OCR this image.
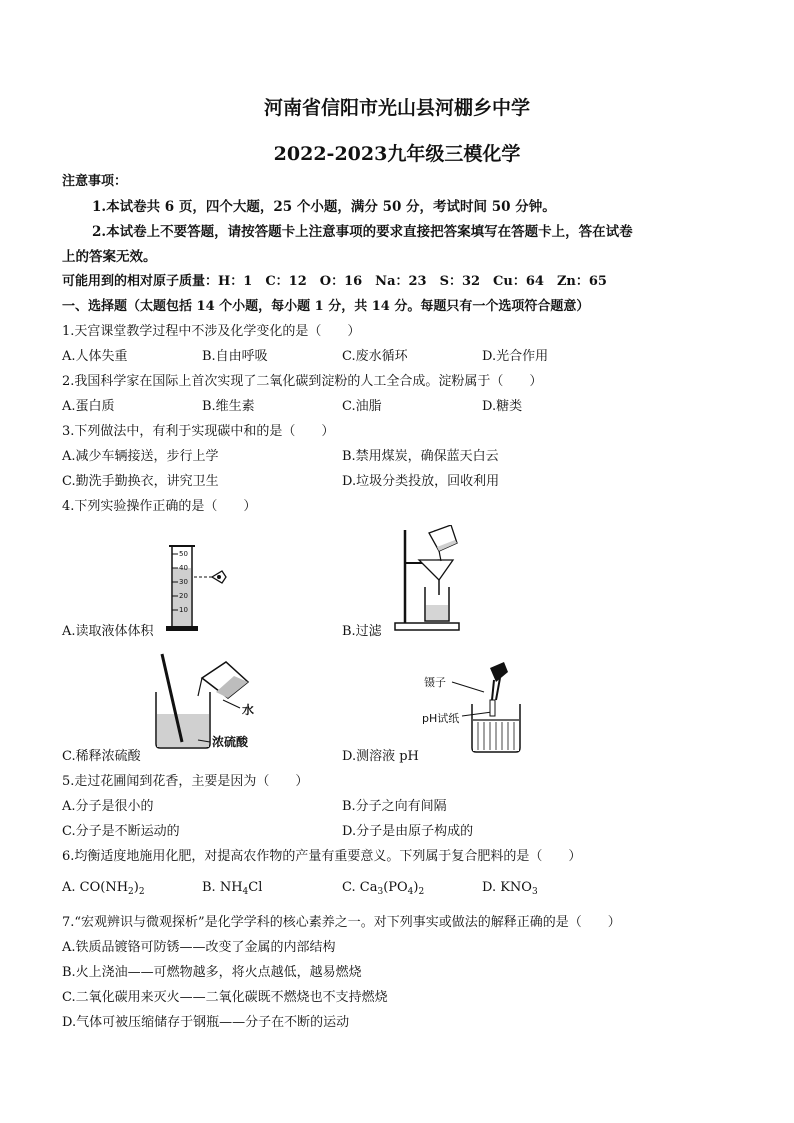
河南省信阳市光山县河棚乡中学
2022-2023九年级三模化学
注意事项：
1.本试卷共 6 页，四个大题，25 个小题，满分 50 分，考试时间 50 分钟。
2.本试卷上不要答题，请按答题卡上注意事项的要求直接把答案填写在答题卡上，答在试卷
上的答案无效。
可能用到的相对原子质量：H：1　C：12　O：16　Na：23　S：32　Cu：64　Zn：65
一、选择题（太题包括 14 个小题，每小题 1 分，共 14 分。每题只有一个选项符合题意）
1.天宫课堂教学过程中不涉及化学变化的是（　　）
A.人体失重	B.自由呼吸	C.废水循环	D.光合作用
2.我国科学家在国际上首次实现了二氧化碳到淀粉的人工全合成。淀粉属于（　　）
A.蛋白质	B.维生素	C.油脂	D.糖类
3.下列做法中，有利于实现碳中和的是（　　）
A.减少车辆接送，步行上学	B.禁用煤炭，确保蓝天白云
C.勤洗手勤换衣，讲究卫生	D.垃圾分类投放，回收利用
4.下列实验操作正确的是（　　）
50
40
30
20
10
A.读取液体体积	B.过滤
水
浓硫酸
C.稀释浓硫酸
镊子
pH试纸
D.测溶液 pH
5.走过花圃闻到花香，主要是因为（　　）
A.分子是很小的	B.分子之向有间隔
C.分子是不断运动的	D.分子是由原子构成的
6.均衡适度地施用化肥，对提高农作物的产量有重要意义。下列属于复合肥料的是（　　）
A. $CO(NH_2)_2$	B. $NH_4Cl$	C. $Ca_3(PO_4)_2$	D. $KNO_3$
7.“宏观辨识与微观探析”是化学学科的核心素养之一。对下列事实或做法的解释正确的是（　　）
A.铁质品镀铬可防锈——改变了金属的内部结构
B.火上浇油——可燃物越多，将火点越低，越易燃烧
C.二氧化碳用来灭火——二氧化碳既不燃烧也不支持燃烧
D.气体可被压缩储存于钢瓶——分子在不断的运动
